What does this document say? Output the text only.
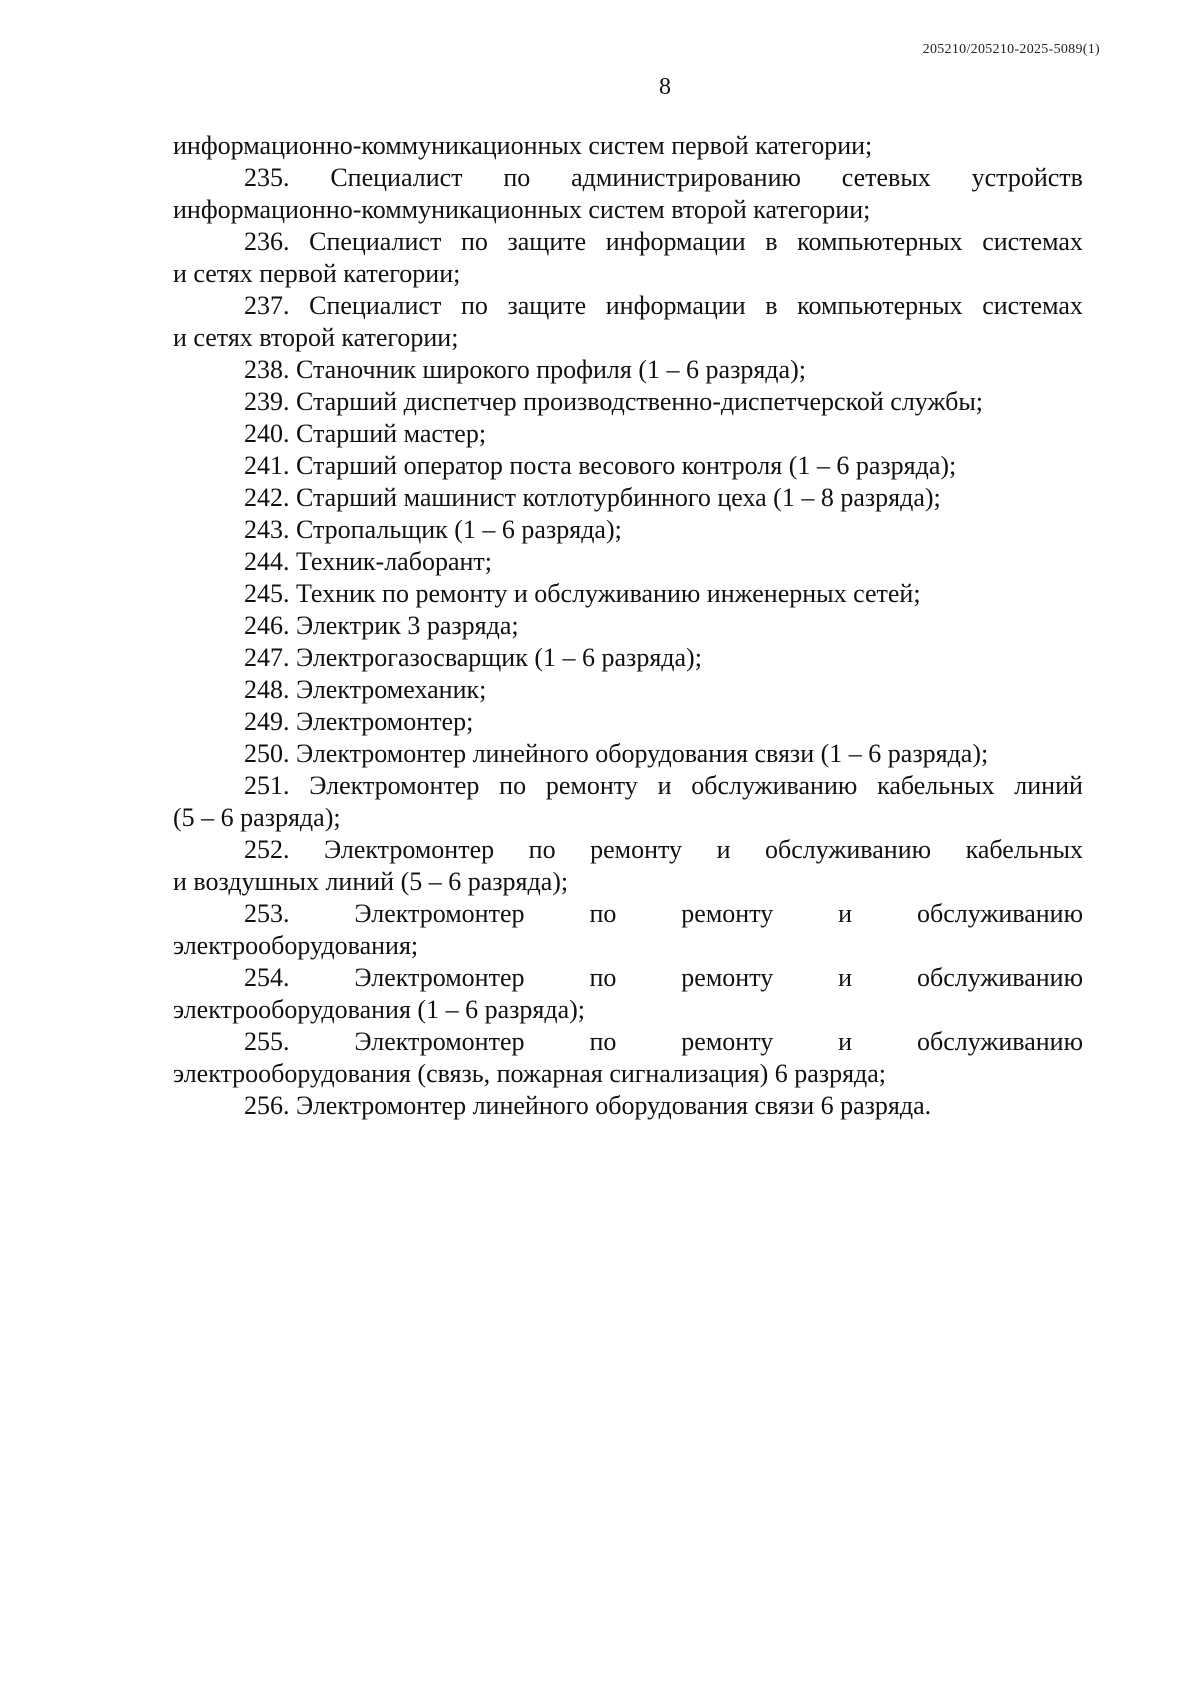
205210/205210-2025-5089(1)
8
информационно-коммуникационных систем первой категории;
235. Специалист по администрированию сетевых устройств
информационно-коммуникационных систем второй категории;
236. Специалист по защите информации в компьютерных системах
и сетях первой категории;
237. Специалист по защите информации в компьютерных системах
и сетях второй категории;
238. Станочник широкого профиля (1 – 6 разряда);
239. Старший диспетчер производственно-диспетчерской службы;
240. Старший мастер;
241. Старший оператор поста весового контроля (1 – 6 разряда);
242. Старший машинист котлотурбинного цеха (1 – 8 разряда);
243. Стропальщик (1 – 6 разряда);
244. Техник-лаборант;
245. Техник по ремонту и обслуживанию инженерных сетей;
246. Электрик 3 разряда;
247. Электрогазосварщик (1 – 6 разряда);
248. Электромеханик;
249. Электромонтер;
250. Электромонтер линейного оборудования связи (1 – 6 разряда);
251. Электромонтер по ремонту и обслуживанию кабельных линий
(5 – 6 разряда);
252. Электромонтер по ремонту и обслуживанию кабельных
и воздушных линий (5 – 6 разряда);
253. Электромонтер по ремонту и обслуживанию
электрооборудования;
254. Электромонтер по ремонту и обслуживанию
электрооборудования (1 – 6 разряда);
255. Электромонтер по ремонту и обслуживанию
электрооборудования (связь, пожарная сигнализация) 6 разряда;
256. Электромонтер линейного оборудования связи 6 разряда.
